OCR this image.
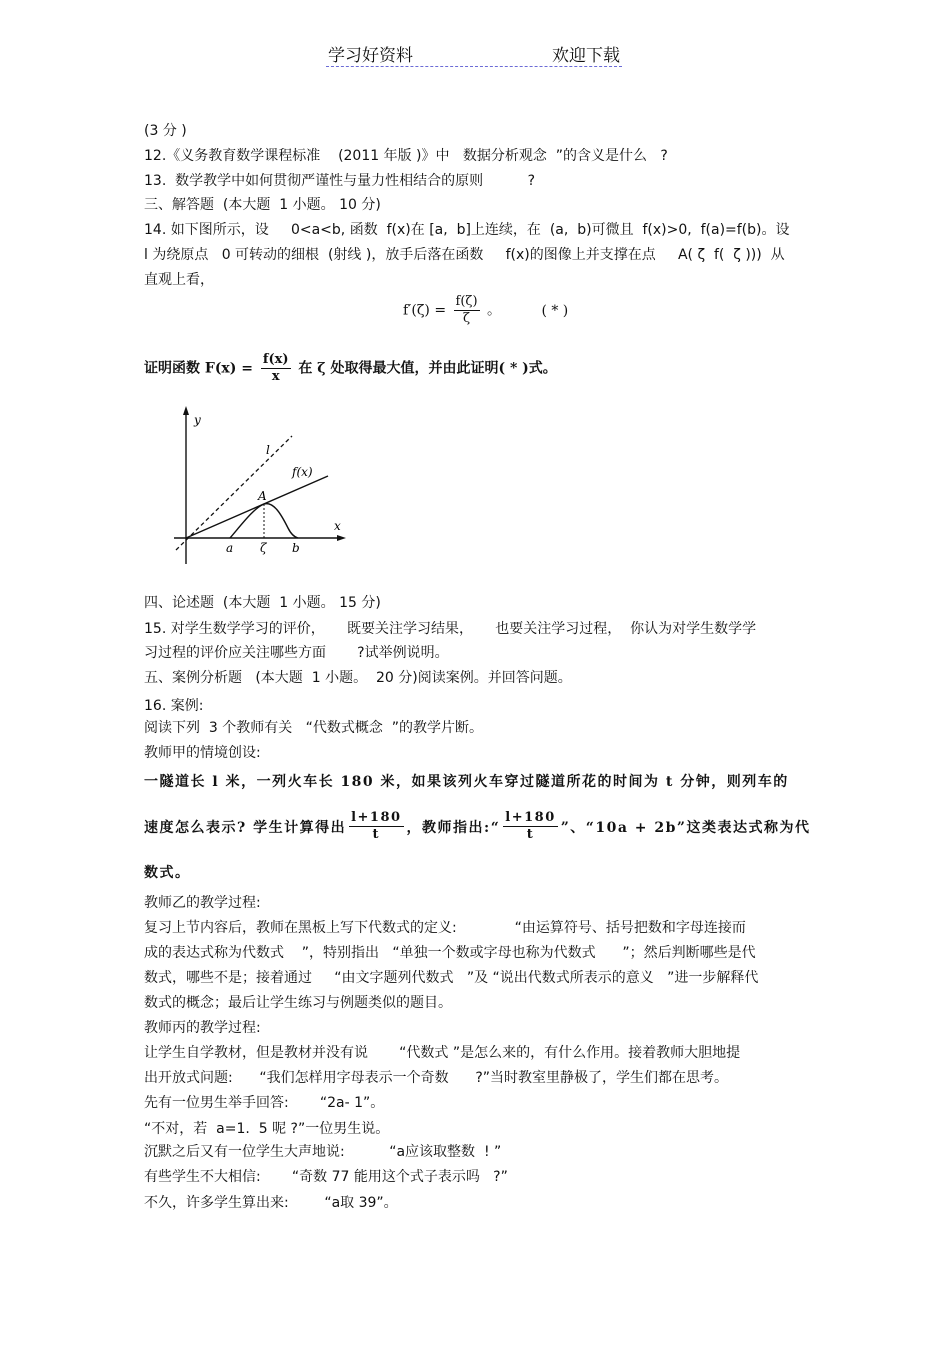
学习好资料	欢迎下载
(3 分 )
12.《义务教育数学课程标准    (2011 年版 )》中   数据分析观念  ”的含义是什么   ?
13.  数学教学中如何贯彻严谨性与量力性相结合的原则          ?
三、解答题  (本大题  1 小题。 10 分)
14. 如下图所示，设     0<a<b, 函数  f(x)在 [a,  b]上连续，在  (a,  b)可微且  f(x)>0,  f(a)=f(b)。设
l 为绕原点   0 可转动的细根  (射线 )，放手后落在函数     f(x)的图像上并支撑在点     A( ζ  f(  ζ )))  从
直观上看，
$f'(\zeta) = \frac{f(\zeta)}{\zeta}$ 。	( * )
证明函数 $F(x) = \frac{f(x)}{x}$ 在 ζ 处取得最大值，并由此证明( * )式。
y
x
l
f(x)
A
a ζ b
四、论述题  (本大题  1 小题。 15 分)
15. 对学生数学学习的评价，     既要关注学习结果，     也要关注学习过程，  你认为对学生数学学
习过程的评价应关注哪些方面       ?试举例说明。
五、案例分析题   (本大题  1 小题。  20 分)阅读案例。并回答问题。
16. 案例:
阅读下列  3 个教师有关   “代数式概念  ”的教学片断。
教师甲的情境创设:
一隧道长 l 米，一列火车长 180 米，如果该列火车穿过隧道所花的时间为 t 分钟，则列车的
速度怎么表示? 学生计算得出 $\frac{l+180}{t}$ ，教师指出:“ $\frac{l+180}{t}$ ”、“10a + 2b”这类表达式称为代
数式。
教师乙的教学过程:
复习上节内容后，教师在黑板上写下代数式的定义:             “由运算符号、括号把数和字母连接而
成的表达式称为代数式    ”，特别指出   “单独一个数或字母也称为代数式      ”；然后判断哪些是代
数式，哪些不是；接着通过     “由文字题列代数式   ”及 “说出代数式所表示的意义   ”进一步解释代
数式的概念；最后让学生练习与例题类似的题目。
教师丙的教学过程:
让学生自学教材，但是教材并没有说       “代数式 ”是怎么来的，有什么作用。接着教师大胆地提
出开放式问题:      “我们怎样用字母表示一个奇数      ?”当时教室里静极了，学生们都在思考。
先有一位男生举手回答:       “2a- 1”。
“不对，若  a=1.  5 呢 ?”一位男生说。
沉默之后又有一位学生大声地说:          “a应该取整数  ! ”
有些学生不大相信:       “奇数 77 能用这个式子表示吗   ?”
不久，许多学生算出来:        “a取 39”。
